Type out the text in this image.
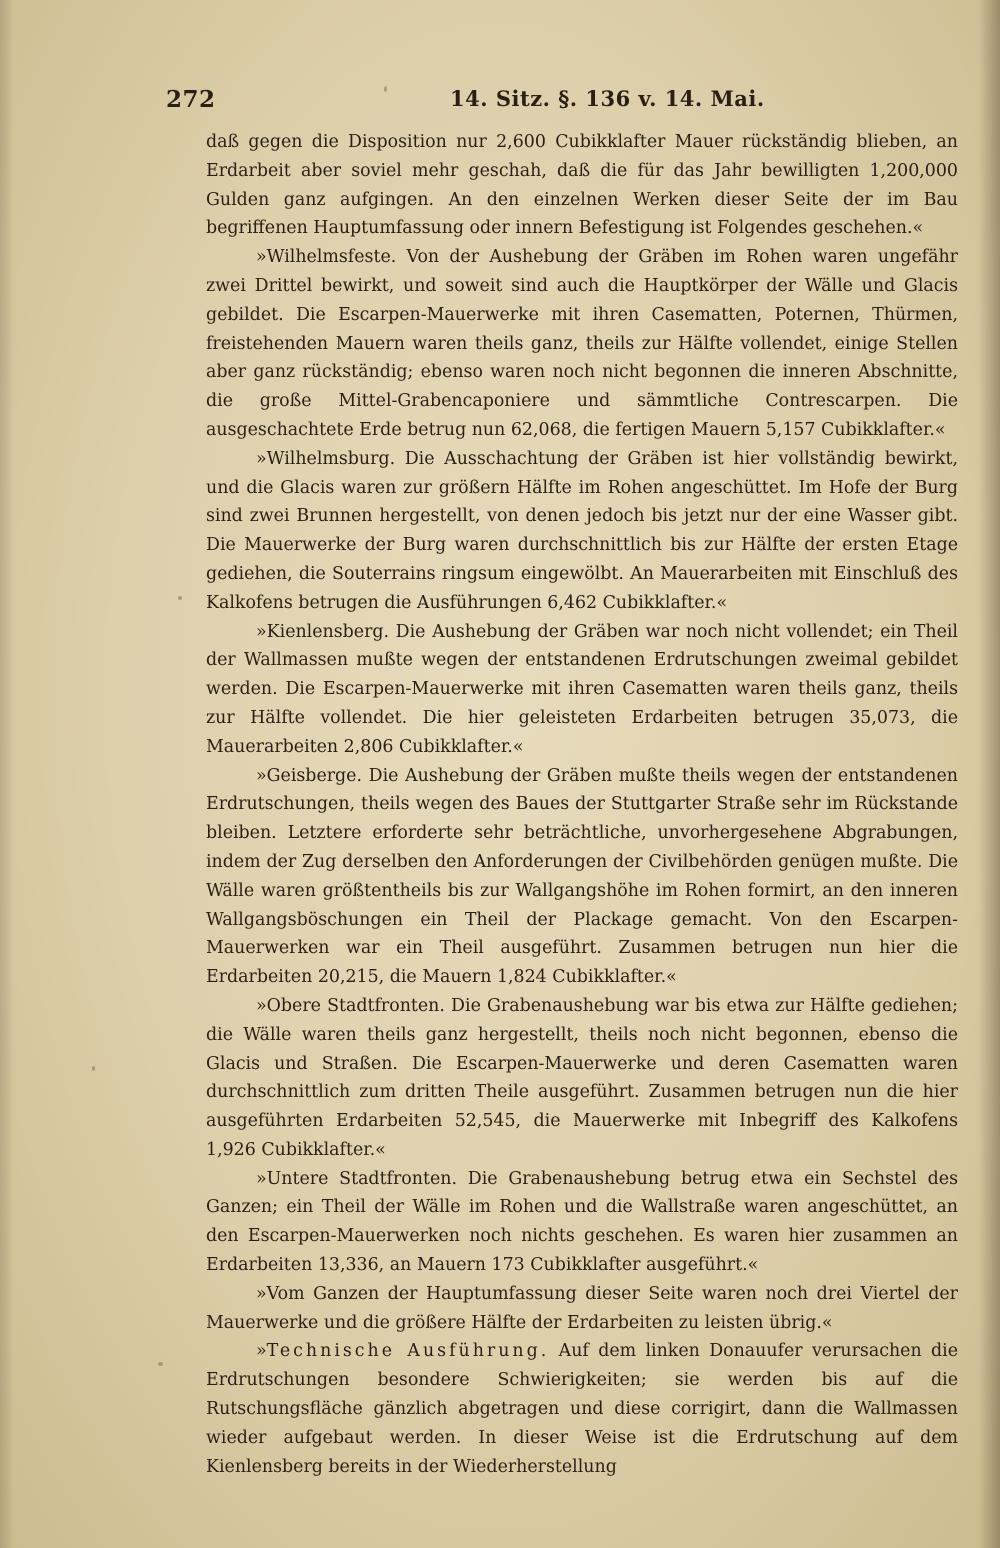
272	14. Sitz. §. 136 v. 14. Mai.

daß gegen die Disposition nur 2,600 Cubikklafter Mauer rückständig blieben, an Erdarbeit aber soviel mehr geschah, daß die für das Jahr bewilligten 1,200,000 Gulden ganz aufgingen. An den einzelnen Werken dieser Seite der im Bau begriffenen Hauptumfassung oder innern Befestigung ist Folgendes geschehen.«

»Wilhelmsfeste. Von der Aushebung der Gräben im Rohen waren ungefähr zwei Drittel bewirkt, und soweit sind auch die Hauptkörper der Wälle und Glacis gebildet. Die Escarpen-Mauerwerke mit ihren Casematten, Poternen, Thürmen, freistehenden Mauern waren theils ganz, theils zur Hälfte vollendet, einige Stellen aber ganz rückständig; ebenso waren noch nicht begonnen die inneren Abschnitte, die große Mittel-Grabencaponiere und sämmtliche Contrescarpen. Die ausgeschachtete Erde betrug nun 62,068, die fertigen Mauern 5,157 Cubikklafter.«

»Wilhelmsburg. Die Ausschachtung der Gräben ist hier vollständig bewirkt, und die Glacis waren zur größern Hälfte im Rohen angeschüttet. Im Hofe der Burg sind zwei Brunnen hergestellt, von denen jedoch bis jetzt nur der eine Wasser gibt. Die Mauerwerke der Burg waren durchschnittlich bis zur Hälfte der ersten Etage gediehen, die Souterrains ringsum eingewölbt. An Mauerarbeiten mit Einschluß des Kalkofens betrugen die Ausführungen 6,462 Cubikklafter.«

»Kienlensberg. Die Aushebung der Gräben war noch nicht vollendet; ein Theil der Wallmassen mußte wegen der entstandenen Erdrutschungen zweimal gebildet werden. Die Escarpen-Mauerwerke mit ihren Casematten waren theils ganz, theils zur Hälfte vollendet. Die hier geleisteten Erdarbeiten betrugen 35,073, die Mauerarbeiten 2,806 Cubikklafter.«

»Geisberge. Die Aushebung der Gräben mußte theils wegen der entstandenen Erdrutschungen, theils wegen des Baues der Stuttgarter Straße sehr im Rückstande bleiben. Letztere erforderte sehr beträchtliche, unvorhergesehene Abgrabungen, indem der Zug derselben den Anforderungen der Civilbehörden genügen mußte. Die Wälle waren größtentheils bis zur Wallgangshöhe im Rohen formirt, an den inneren Wallgangsböschungen ein Theil der Plackage gemacht. Von den Escarpen-Mauerwerken war ein Theil ausgeführt. Zusammen betrugen nun hier die Erdarbeiten 20,215, die Mauern 1,824 Cubikklafter.«

»Obere Stadtfronten. Die Grabenaushebung war bis etwa zur Hälfte gediehen; die Wälle waren theils ganz hergestellt, theils noch nicht begonnen, ebenso die Glacis und Straßen. Die Escarpen-Mauerwerke und deren Casematten waren durchschnittlich zum dritten Theile ausgeführt. Zusammen betrugen nun die hier ausgeführten Erdarbeiten 52,545, die Mauerwerke mit Inbegriff des Kalkofens 1,926 Cubikklafter.«

»Untere Stadtfronten. Die Grabenaushebung betrug etwa ein Sechstel des Ganzen; ein Theil der Wälle im Rohen und die Wallstraße waren angeschüttet, an den Escarpen-Mauerwerken noch nichts geschehen. Es waren hier zusammen an Erdarbeiten 13,336, an Mauern 173 Cubikklafter ausgeführt.«

»Vom Ganzen der Hauptumfassung dieser Seite waren noch drei Viertel der Mauerwerke und die größere Hälfte der Erdarbeiten zu leisten übrig.«

»Technische Ausführung. Auf dem linken Donauufer verursachen die Erdrutschungen besondere Schwierigkeiten; sie werden bis auf die Rutschungsfläche gänzlich abgetragen und diese corrigirt, dann die Wallmassen wieder aufgebaut werden. In dieser Weise ist die Erdrutschung auf dem Kienlensberg bereits in der Wiederherstellung
